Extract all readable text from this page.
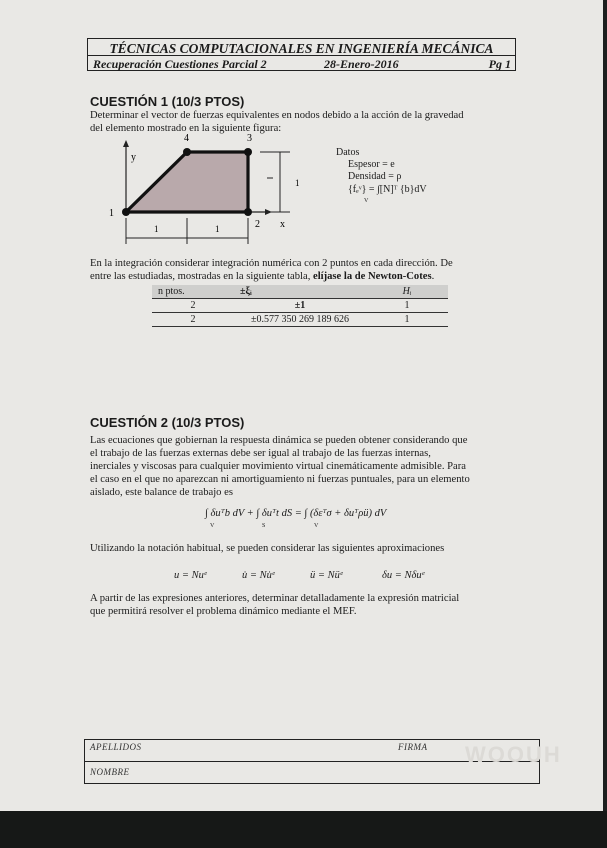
TÉCNICAS COMPUTACIONALES EN INGENIERÍA MECÁNICA
Recuperación Cuestiones Parcial 2	28-Enero-2016	Pg 1
CUESTIÓN 1 (10/3 PTOS)
Determinar el vector de fuerzas equivalentes en nodos debido a la acción de la gravedad
del elemento mostrado en la siguiente figura:
y
x
1
2
3
4
1	1
1
Datos
Espesor = e
Densidad = ρ
{fₑᵛ} = ∫[N]ᵀ {b}dV
V
En la integración considerar integración numérica con 2 puntos en cada dirección. De
entre las estudiadas, mostradas en la siguiente tabla, elíjase la de Newton-Cotes.
n ptos.	±ξᵢ	Hᵢ
2	±1	1
2	±0.577 350 269 189 626	1
CUESTIÓN 2 (10/3 PTOS)
Las ecuaciones que gobiernan la respuesta dinámica se pueden obtener considerando que
el trabajo de las fuerzas externas debe ser igual al trabajo de las fuerzas internas,
inerciales y viscosas para cualquier movimiento virtual cinemáticamente admisible. Para
el caso en el que no aparezcan ni amortiguamiento ni fuerzas puntuales, para un elemento
aislado, este balance de trabajo es
∫ δuᵀb dV + ∫ δuᵀt dS = ∫ (δεᵀσ + δuᵀρü) dV
V	S	V
Utilizando la notación habitual, se pueden considerar las siguientes aproximaciones
u = Nuᵉ	u̇ = Nu̇ᵉ	ü = Nüᵉ	δu = Nδuᵉ
A partir de las expresiones anteriores, determinar detalladamente la expresión matricial
que permitirá resolver el problema dinámico mediante el MEF.
APELLIDOS	FIRMA
NOMBRE
WOOUH
